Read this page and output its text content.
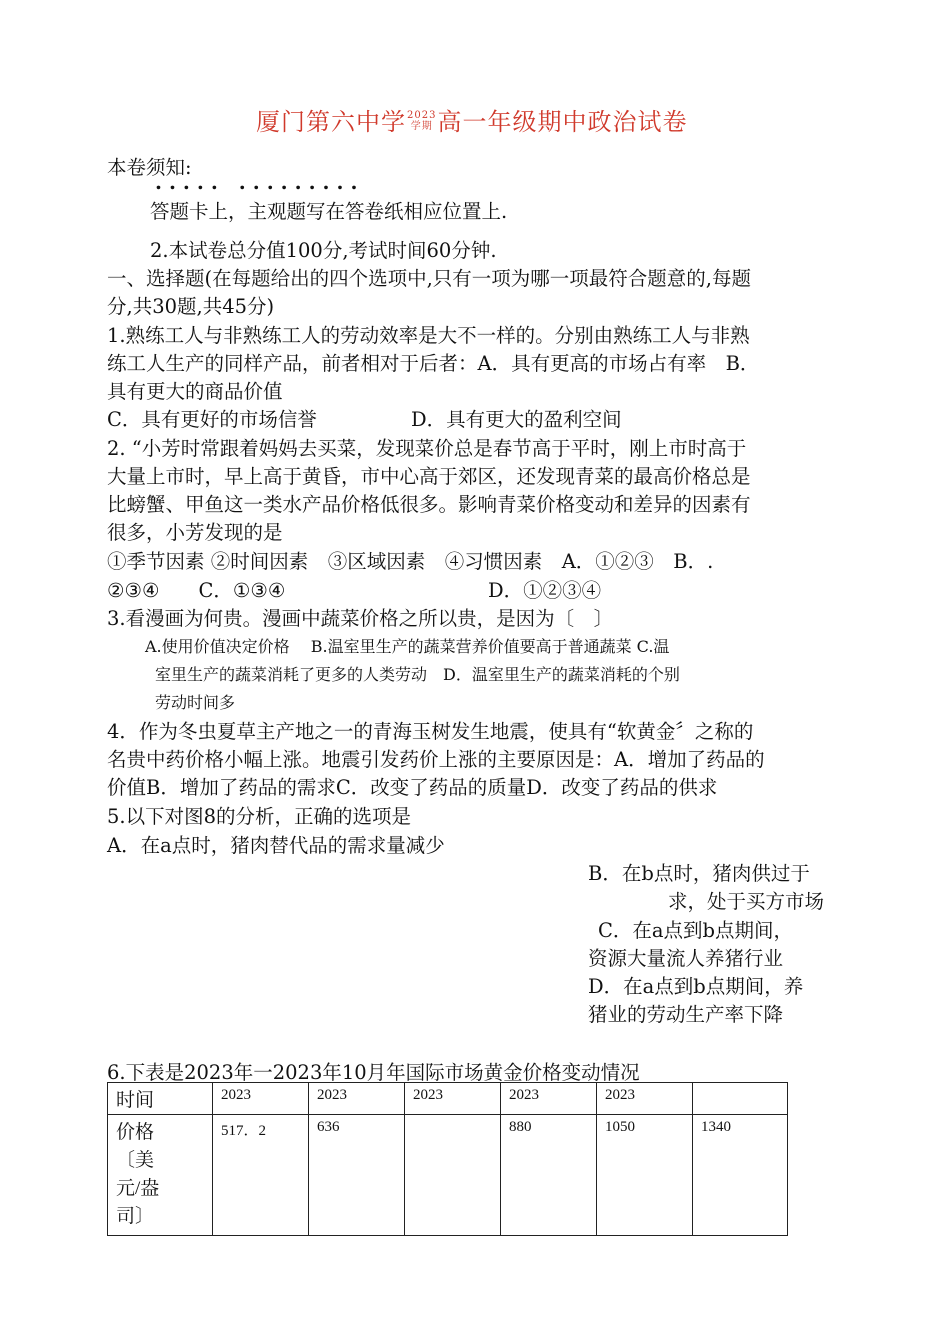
厦门第六中学2023
学期 高一年级期中政治试卷
本卷须知:
..... .........
答题卡上，主观题写在答卷纸相应位置上.
2.本试卷总分值100分,考试时间60分钟.
一、选择题(在每题给出的四个选项中,只有一项为哪一项最符合题意的,每题
分,共30题,共45分)
1.熟练工人与非熟练工人的劳动效率是大不一样的。分别由熟练工人与非熟
练工人生产的同样产品，前者相对于后者：A．具有更高的市场占有率　B．
具有更大的商品价值
C．具有更好的市场信誉	D．具有更大的盈利空间
2. “小芳时常跟着妈妈去买菜，发现菜价总是春节高于平时，刚上市时高于
大量上市时，早上高于黄昏，市中心高于郊区，还发现青菜的最高价格总是
比螃蟹、甲鱼这一类水产品价格低很多。影响青菜价格变动和差异的因素有
很多，小芳发现的是
①季节因素 ②时间因素　③区域因素　④习惯因素　A．①②③　B．.
②③④　　C．①③④	D．①②③④
3.看漫画为何贵。漫画中蔬菜价格之所以贵，是因为〔　〕
A.使用价值决定价格　 B.温室里生产的蔬菜营养价值要高于普通蔬菜 C.温
室里生产的蔬菜消耗了更多的人类劳动　D．温室里生产的蔬菜消耗的个别
劳动时间多
4．作为冬虫夏草主产地之一的青海玉树发生地震，使具有“软黄金〞之称的
名贵中药价格小幅上涨。地震引发药价上涨的主要原因是：A．增加了药品的
价值B．增加了药品的需求C．改变了药品的质量D．改变了药品的供求
5.以下对图8的分析，正确的选项是
A．在a点时，猪肉替代品的需求量减少
B．在b点时，猪肉供过于
求，处于买方市场
C．在a点到b点期间，
资源大量流人养猪行业
D．在a点到b点期间，养
猪业的劳动生产率下降
6.下表是2023年一2023年10月年国际市场黄金价格变动情况
时间	2023	2023	2023	2023	2023	
价格
〔美
元/盎
司〕	517．2	636		880	1050	1340
